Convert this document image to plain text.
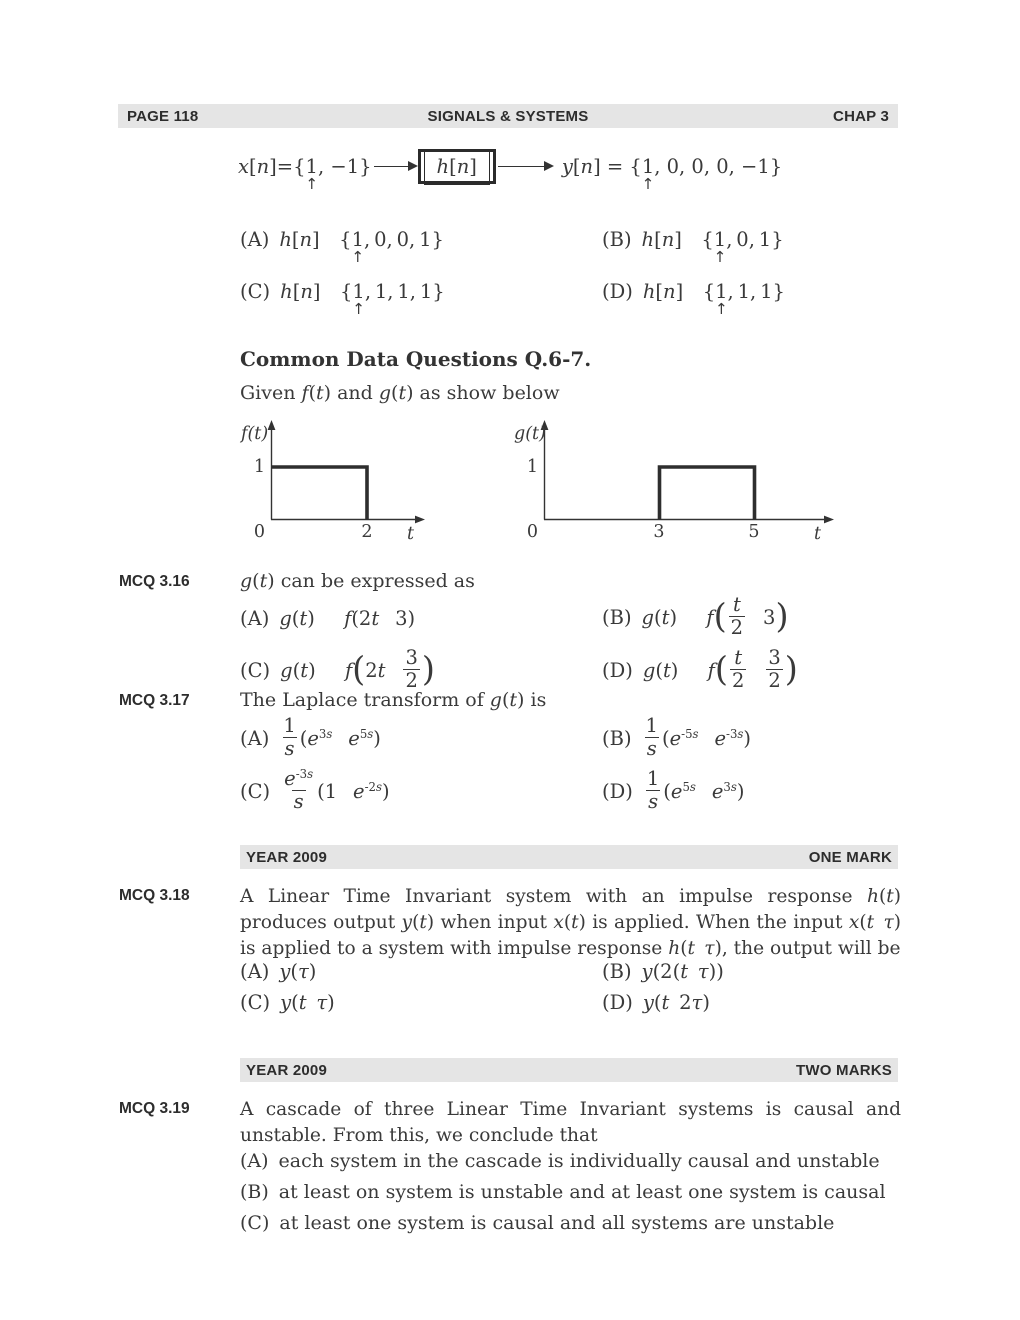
PAGE 118	SIGNALS & SYSTEMS	CHAP 3
x[n]={1 ↑, −1}	h[n]	y[n] = {1 ↑, 0, 0, 0, −1}
(A) h[n] {1 ↑, 0, 0, 1}	(B) h[n] {1 ↑, 0, 1}
(C) h[n] {1 ↑, 1, 1, 1}	(D) h[n] {1 ↑, 1, 1}
Common Data Questions Q.6-7.
Given f(t) and g(t) as show below
f(t)
1
0	2 t
g(t)
1
0	3	5	t
MCQ 3.16	g(t) can be expressed as
(A) g(t)  f(2t  3)	(B) g(t)  $f( \frac{t}{2}$   3)
(C) g(t)  f(2t  $\frac{3}{2}$ )	(D) g(t)  $f( \frac{t}{2}$
  $\frac{3}{2}$ )
MCQ 3.17	The Laplace transform of g(t) is
$(A) \frac{1}{s} (e^{3s}$  $e^{5s}$)	$(B) \frac{1}{s} (e^{-5s}$  $e^{-3s}$)
$(C) \frac{e^{-3s}}{s} (1$  $e^{-2s}$)	$(D) \frac{1}{s} (e^{5s}$  $e^{3s}$)
YEAR 2009	ONE MARK
MCQ 3.18	A Linear Time Invariant system with an impulse response h(t) produces output y(t) when input x(t) is applied. When the input x(t  τ) is applied to a system with impulse response h(t  τ), the output will be
(A) y(τ)	(B) y(2(t  τ))
(C) y(t  τ)	(D) y(t 2τ)
YEAR 2009	TWO MARKS
MCQ 3.19	A cascade of three Linear Time Invariant systems is causal and unstable. From this, we conclude that
(A) each system in the cascade is individually causal and unstable
(B) at least on system is unstable and at least one system is causal
(C) at least one system is causal and all systems are unstable
